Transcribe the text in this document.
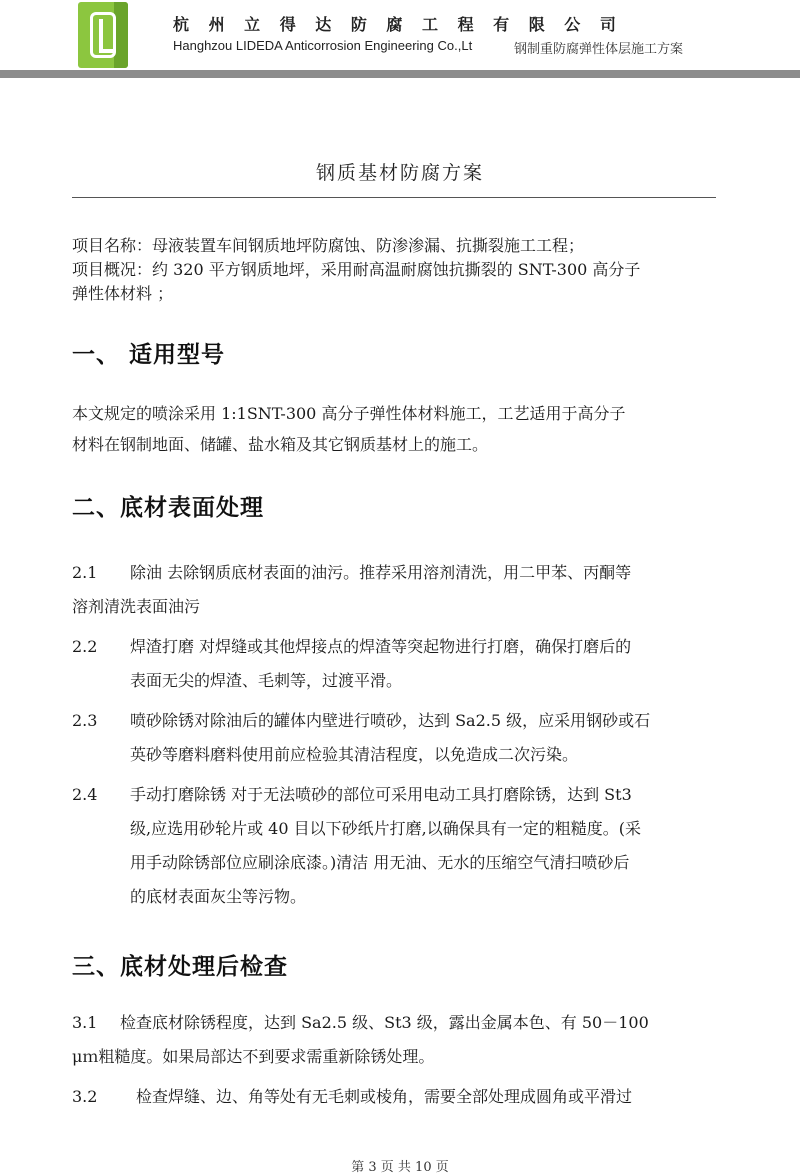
杭 州 立 得 达 防 腐 工 程 有 限 公 司
Hanghzou LIDEDA Anticorrosion Engineering Co.,Lt	钢制重防腐弹性体层施工方案
钢质基材防腐方案
项目名称：母液装置车间钢质地坪防腐蚀、防渗渗漏、抗撕裂施工工程；
项目概况：约 320 平方钢质地坪，采用耐高温耐腐蚀抗撕裂的 SNT-300 高分子
弹性体材料 ；
一、 适用型号
本文规定的喷涂采用 1:1SNT-300 高分子弹性体材料施工，工艺适用于高分子
材料在钢制地面、储罐、盐水箱及其它钢质基材上的施工。
二、底材表面处理
2.1 除油 去除钢质底材表面的油污。推荐采用溶剂清洗，用二甲苯、丙酮等
溶剂清洗表面油污
2.2 焊渣打磨 对焊缝或其他焊接点的焊渣等突起物进行打磨，确保打磨后的
表面无尖的焊渣、毛刺等，过渡平滑。
2.3 喷砂除锈对除油后的罐体内壁进行喷砂，达到 Sa2.5 级，应采用钢砂或石
英砂等磨料磨料使用前应检验其清洁程度，以免造成二次污染。
2.4 手动打磨除锈 对于无法喷砂的部位可采用电动工具打磨除锈，达到 St3
级,应选用砂轮片或 40 目以下砂纸片打磨,以确保具有一定的粗糙度。(采
用手动除锈部位应刷涂底漆。)清洁 用无油、无水的压缩空气清扫喷砂后
的底材表面灰尘等污物。
三、底材处理后检查
3.1 检查底材除锈程度，达到 Sa2.5 级、St3 级，露出金属本色、有 50－100
μｍ粗糙度。如果局部达不到要求需重新除锈处理。
3.2 检查焊缝、边、角等处有无毛刺或棱角，需要全部处理成圆角或平滑过
第 3 页 共 10 页
